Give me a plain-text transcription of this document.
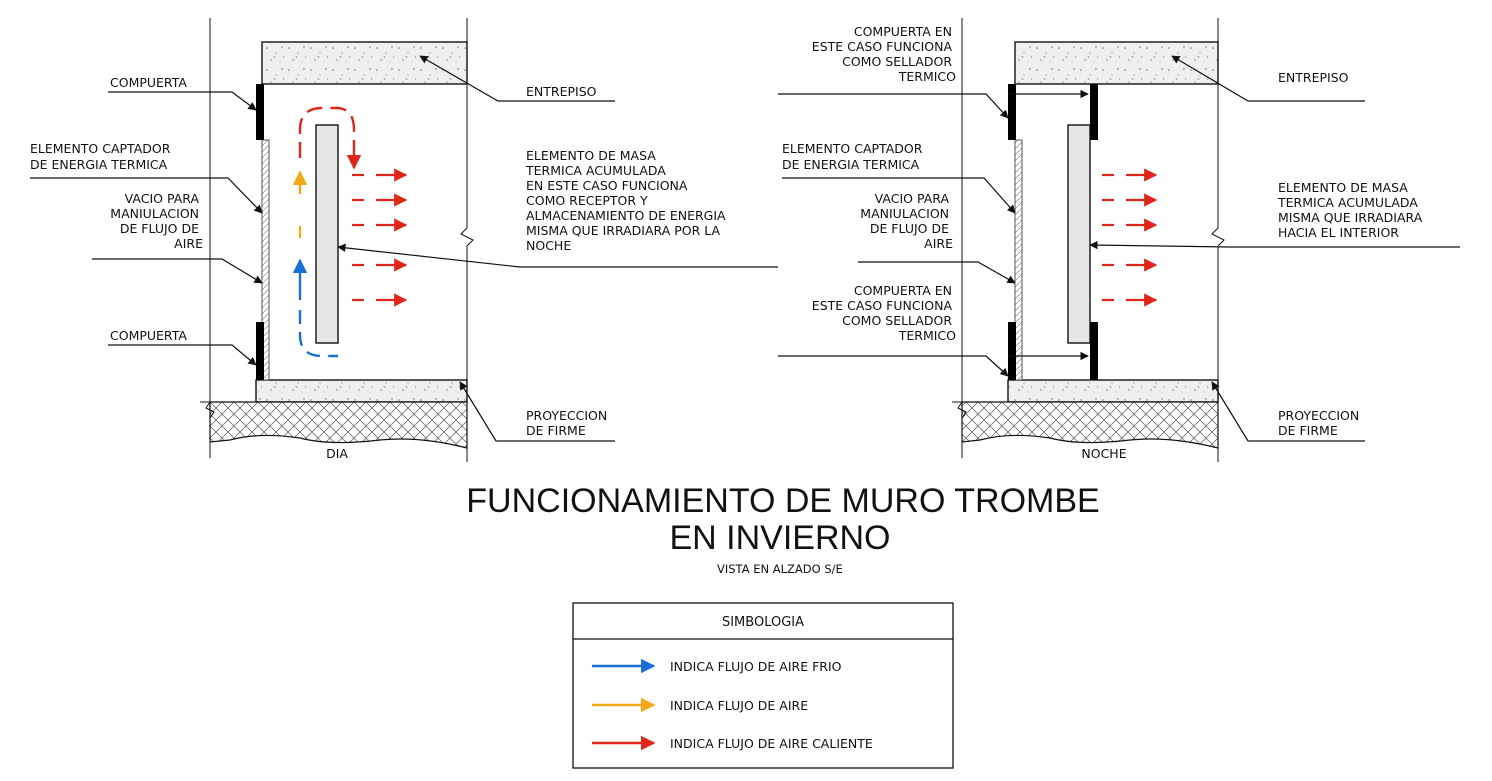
COMPUERTA
ELEMENTO CAPTADOR DE ENERGIA TERMICA
VACIO PARA MANIULACION DE FLUJO DE AIRE
COMPUERTA
ENTREPISO
ELEMENTO DE MASA TERMICA ACUMULADA EN ESTE CASO FUNCIONA COMO RECEPTOR Y ALMACENAMIENTO DE ENERGIA MISMA QUE IRRADIARA POR LA NOCHE
PROYECCION DE FIRME
DIA
COMPUERTA EN ESTE CASO FUNCIONA COMO SELLADOR TERMICO
ELEMENTO CAPTADOR DE ENERGIA TERMICA
VACIO PARA MANIULACION DE FLUJO DE AIRE
COMPUERTA EN ESTE CASO FUNCIONA COMO SELLADOR TERMICO
ENTREPISO
ELEMENTO DE MASA TERMICA ACUMULADA MISMA QUE IRRADIARA HACIA EL INTERIOR
PROYECCION DE FIRME
NOCHE
FUNCIONAMIENTO DE MURO TROMBE
EN INVIERNO
VISTA EN ALZADO S/E
SIMBOLOGIA
INDICA FLUJO DE AIRE FRIO
INDICA FLUJO DE AIRE
INDICA FLUJO DE AIRE CALIENTE
